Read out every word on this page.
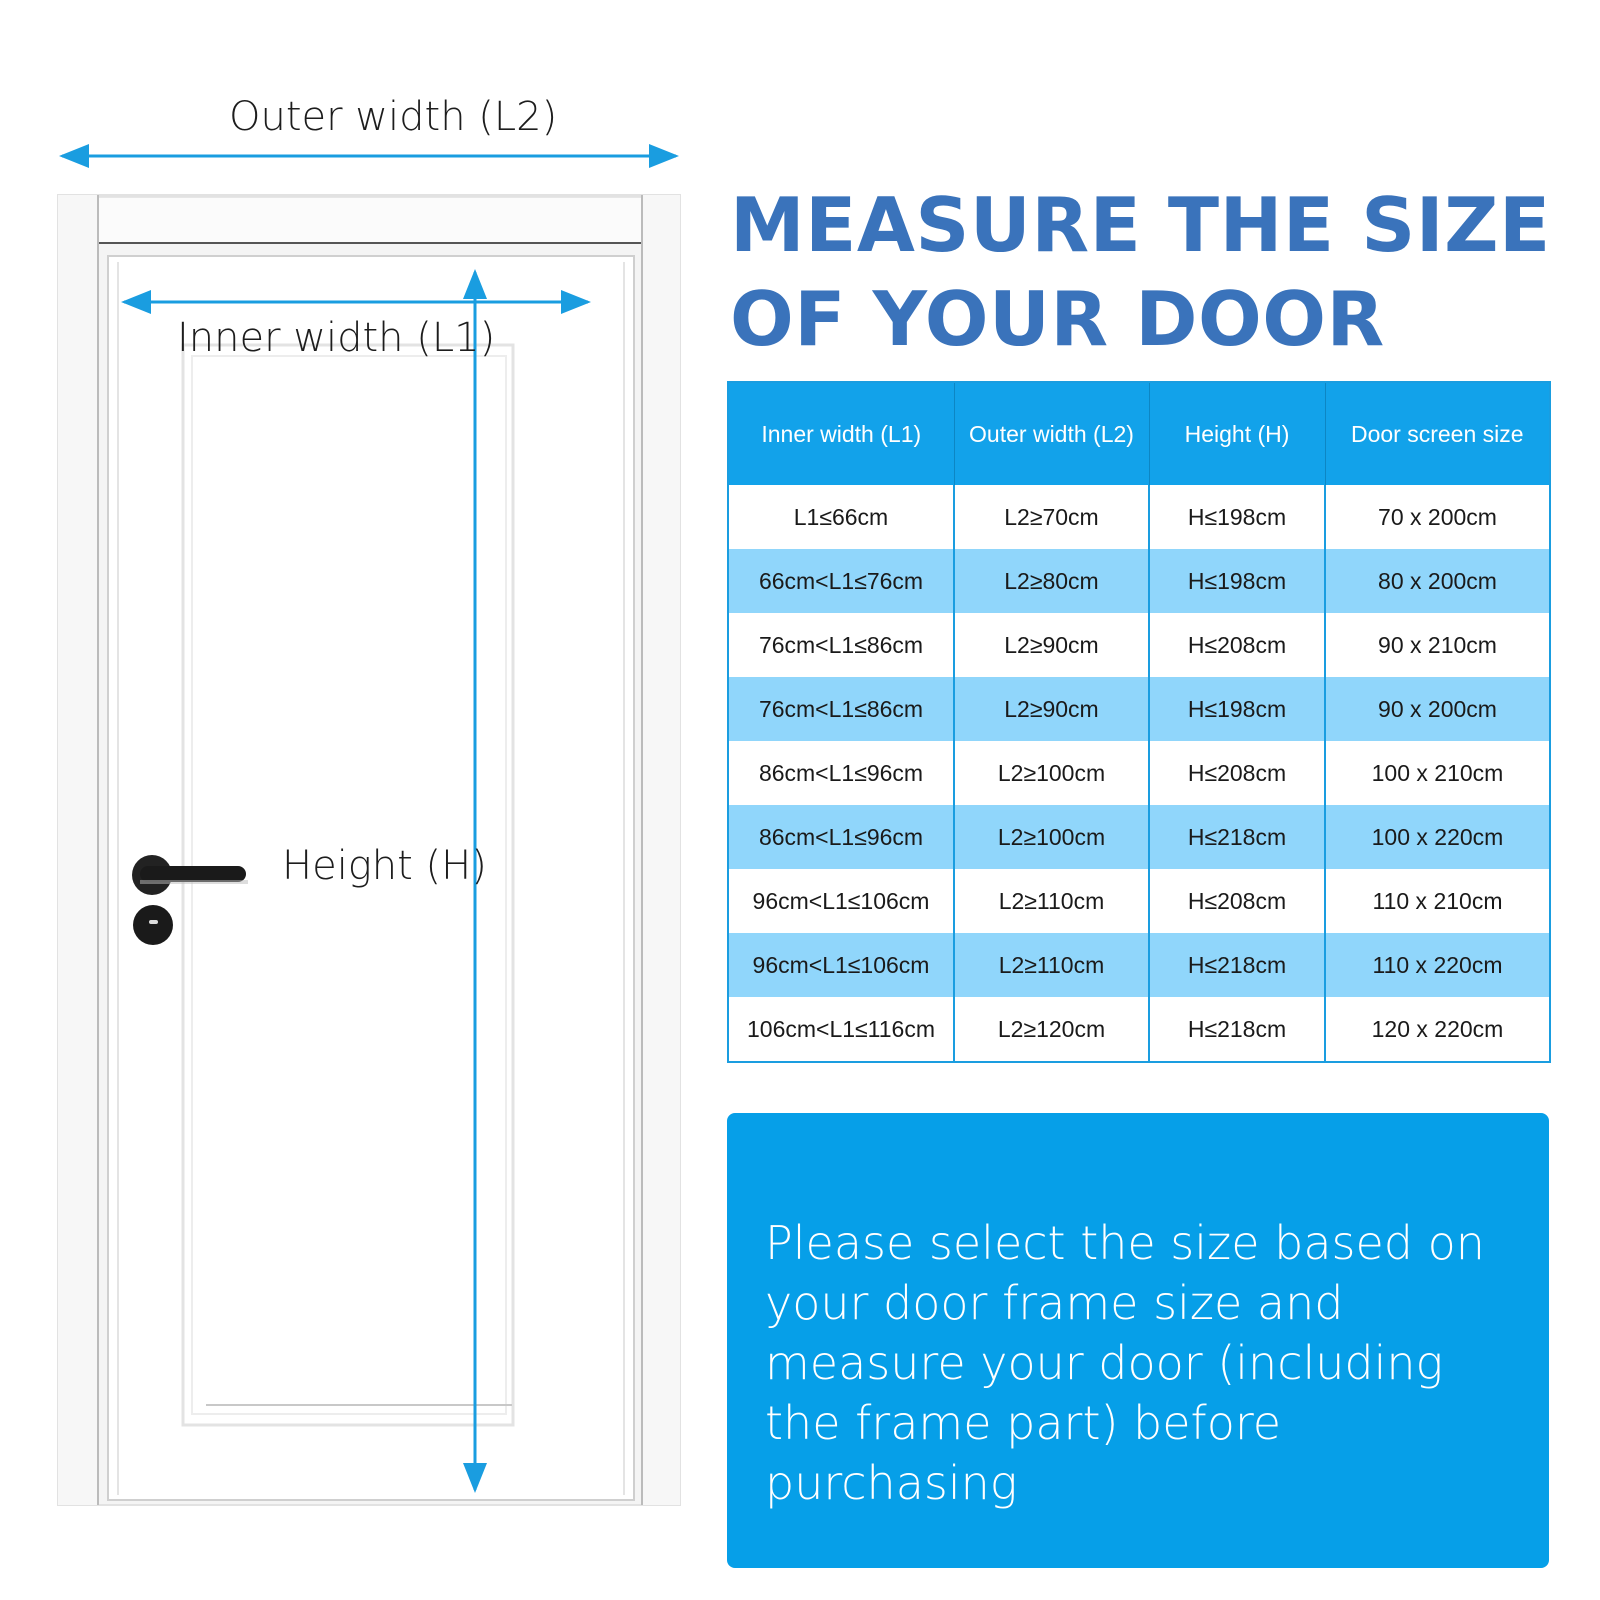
Outer width (L2)
Inner width (L1)
Height (H)
MEASURE THE SIZE OF YOUR DOOR
Inner width (L1)	Outer width (L2)	Height (H)	Door screen size
L1≤66cm	L2≥70cm	H≤198cm	70 x 200cm
66cm<L1≤76cm	L2≥80cm	H≤198cm	80 x 200cm
76cm<L1≤86cm	L2≥90cm	H≤208cm	90 x 210cm
76cm<L1≤86cm	L2≥90cm	H≤198cm	90 x 200cm
86cm<L1≤96cm	L2≥100cm	H≤208cm	100 x 210cm
86cm<L1≤96cm	L2≥100cm	H≤218cm	100 x 220cm
96cm<L1≤106cm	L2≥110cm	H≤208cm	110 x 210cm
96cm<L1≤106cm	L2≥110cm	H≤218cm	110 x 220cm
106cm<L1≤116cm	L2≥120cm	H≤218cm	120 x 220cm

Please select the size based on your door frame size and measure your door (including the frame part) before purchasing
